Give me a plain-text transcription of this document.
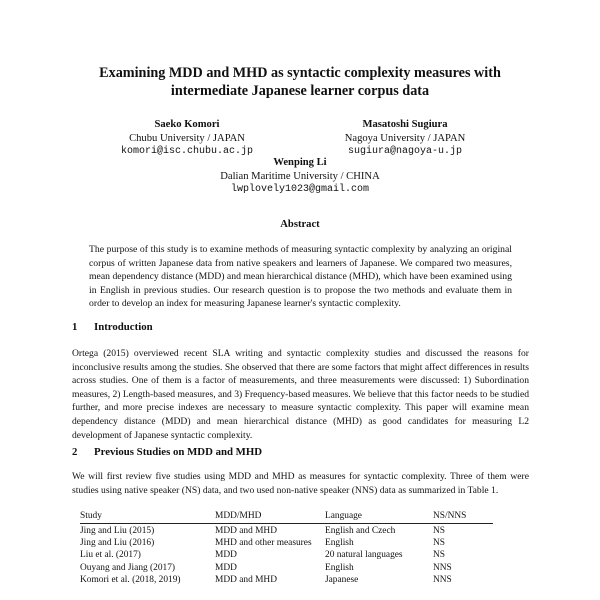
Examining MDD and MHD as syntactic complexity measures with intermediate Japanese learner corpus data
Saeko Komori
Chubu University / JAPAN
komori@isc.chubu.ac.jp
Masatoshi Sugiura
Nagoya University / JAPAN
sugiura@nagoya-u.jp
Wenping Li
Dalian Maritime University / CHINA
lwplovely1023@gmail.com
Abstract

The purpose of this study is to examine methods of measuring syntactic complexity by analyzing an original corpus of written Japanese data from native speakers and learners of Japanese. We compared two measures, mean dependency distance (MDD) and mean hierarchical distance (MHD), which have been examined using in English in previous studies. Our research question is to propose the two methods and evaluate them in order to develop an index for measuring Japanese learner's syntactic complexity.

1 Introduction

Ortega (2015) overviewed recent SLA writing and syntactic complexity studies and discussed the reasons for inconclusive results among the studies. She observed that there are some factors that might affect differences in results across studies. One of them is a factor of measurements, and three measurements were discussed: 1) Subordination measures, 2) Length-based measures, and 3) Frequency-based measures. We believe that this factor needs to be studied further, and more precise indexes are necessary to measure syntactic complexity. This paper will examine mean dependency distance (MDD) and mean hierarchical distance (MHD) as good candidates for measuring L2 development of Japanese syntactic complexity.

2 Previous Studies on MDD and MHD

We will first review five studies using MDD and MHD as measures for syntactic complexity. Three of them were studies using native speaker (NS) data, and two used non-native speaker (NNS) data as summarized in Table 1.

Study	MDD/MHD	Language	NS/NNS
Jing and Liu (2015)	MDD and MHD	English and Czech	NS
Jing and Liu (2016)	MHD and other measures	English	NS
Liu et al. (2017)	MDD	20 natural languages	NS
Ouyang and Jiang (2017)	MDD	English	NNS
Komori et al. (2018, 2019)	MDD and MHD	Japanese	NNS
